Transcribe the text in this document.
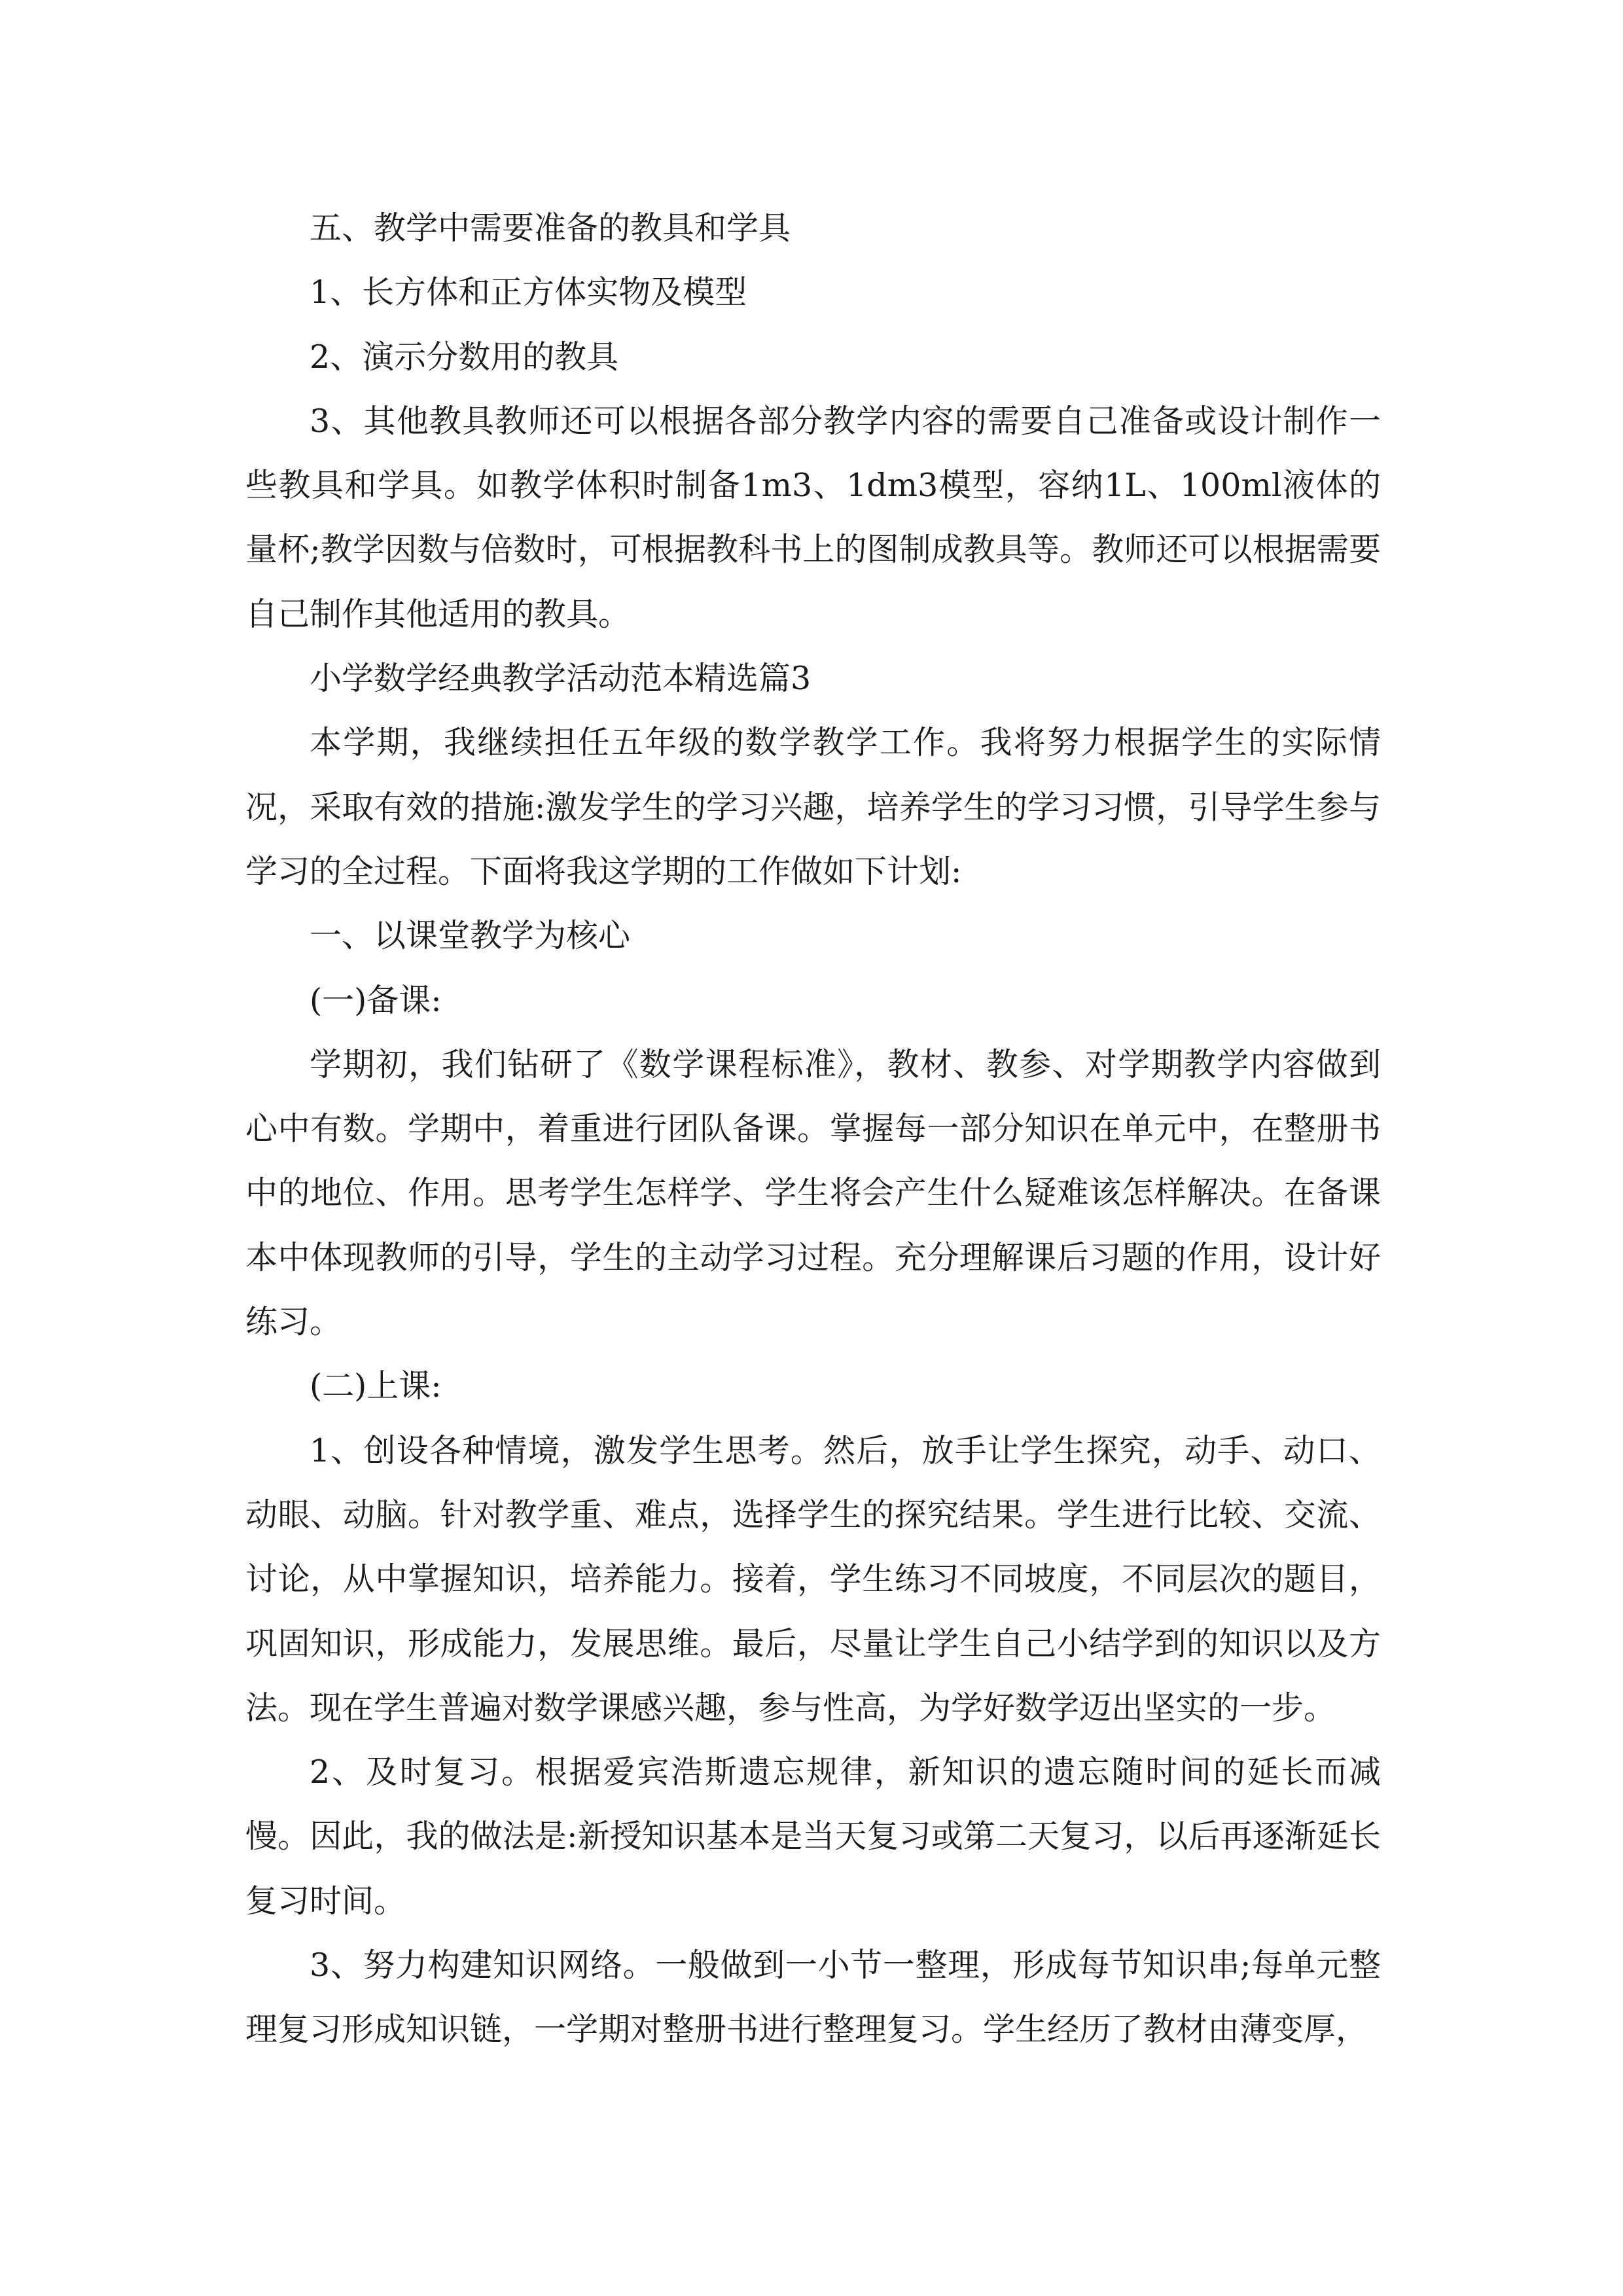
五、教学中需要准备的教具和学具

1、长方体和正方体实物及模型

2、演示分数用的教具

3、其他教具教师还可以根据各部分教学内容的需要自己准备或设计制作一些教具和学具。如教学体积时制备1m3、1dm3模型，容纳1L、100ml液体的量杯;教学因数与倍数时，可根据教科书上的图制成教具等。教师还可以根据需要自己制作其他适用的教具。

小学数学经典教学活动范本精选篇3

本学期，我继续担任五年级的数学教学工作。我将努力根据学生的实际情况，采取有效的措施:激发学生的学习兴趣，培养学生的学习习惯，引导学生参与学习的全过程。下面将我这学期的工作做如下计划:

一、以课堂教学为核心

(一)备课:

学期初，我们钻研了《数学课程标准》，教材、教参、对学期教学内容做到心中有数。学期中，着重进行团队备课。掌握每一部分知识在单元中，在整册书中的地位、作用。思考学生怎样学、学生将会产生什么疑难该怎样解决。在备课本中体现教师的引导，学生的主动学习过程。充分理解课后习题的作用，设计好练习。

(二)上课:

1、创设各种情境，激发学生思考。然后，放手让学生探究，动手、动口、动眼、动脑。针对教学重、难点，选择学生的探究结果。学生进行比较、交流、讨论，从中掌握知识，培养能力。接着，学生练习不同坡度，不同层次的题目，巩固知识，形成能力，发展思维。最后，尽量让学生自己小结学到的知识以及方法。现在学生普遍对数学课感兴趣，参与性高，为学好数学迈出坚实的一步。

2、及时复习。根据爱宾浩斯遗忘规律，新知识的遗忘随时间的延长而减慢。因此，我的做法是:新授知识基本是当天复习或第二天复习，以后再逐渐延长复习时间。

3、努力构建知识网络。一般做到一小节一整理，形成每节知识串;每单元整理复习形成知识链，一学期对整册书进行整理复习。学生经历了教材由薄变厚，
